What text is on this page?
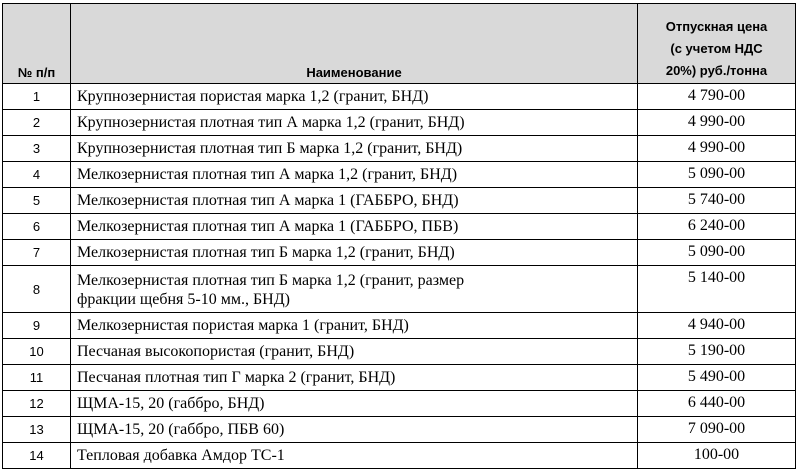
№ п/п	Наименование	Отпускная цена
(с учетом НДС
20%) руб./тонна

1	Крупнозернистая пористая марка 1,2 (гранит, БНД)	4 790-00
2	Крупнозернистая плотная тип А марка 1,2 (гранит, БНД)	4 990-00
3	Крупнозернистая плотная тип Б марка 1,2 (гранит, БНД)	4 990-00
4	Мелкозернистая плотная тип А марка 1,2 (гранит, БНД)	5 090-00
5	Мелкозернистая плотная тип А марка 1 (ГАББРО, БНД)	5 740-00
6	Мелкозернистая плотная тип А марка 1 (ГАББРО, ПБВ)	6 240-00
7	Мелкозернистая плотная тип Б марка 1,2 (гранит, БНД)	5 090-00
8	Мелкозернистая плотная тип Б марка 1,2 (гранит, размер
фракции щебня 5-10 мм., БНД)	5 140-00
9	Мелкозернистая пористая марка 1 (гранит, БНД)	4 940-00
10	Песчаная высокопористая (гранит, БНД)	5 190-00
11	Песчаная плотная тип Г марка 2 (гранит, БНД)	5 490-00
12	ЩМА-15, 20 (габбро, БНД)	6 440-00
13	ЩМА-15, 20 (габбро, ПБВ 60)	7 090-00
14	Тепловая добавка Амдор ТС-1	100-00
